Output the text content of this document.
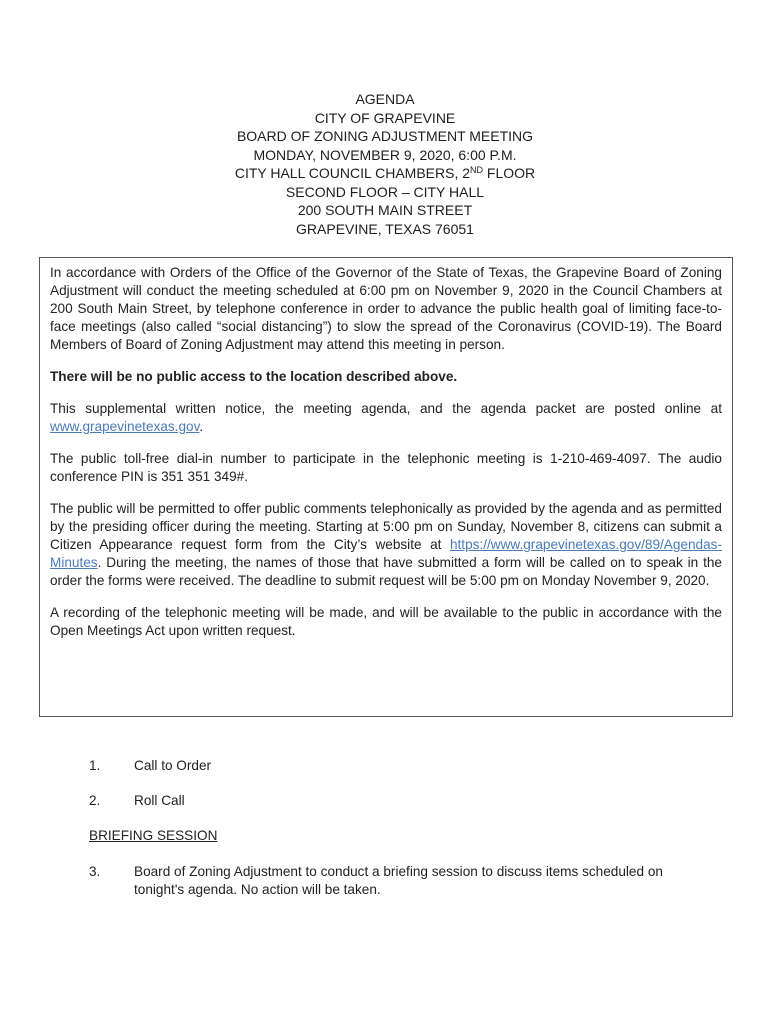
AGENDA
CITY OF GRAPEVINE
BOARD OF ZONING ADJUSTMENT MEETING
MONDAY, NOVEMBER 9, 2020, 6:00 P.M.
CITY HALL COUNCIL CHAMBERS, 2ND FLOOR
SECOND FLOOR – CITY HALL
200 SOUTH MAIN STREET
GRAPEVINE, TEXAS 76051

In accordance with Orders of the Office of the Governor of the State of Texas, the Grapevine Board of Zoning Adjustment will conduct the meeting scheduled at 6:00 pm on November 9, 2020 in the Council Chambers at 200 South Main Street, by telephone conference in order to advance the public health goal of limiting face-to-face meetings (also called “social distancing”) to slow the spread of the Coronavirus (COVID-19). The Board Members of Board of Zoning Adjustment may attend this meeting in person.

There will be no public access to the location described above.

This supplemental written notice, the meeting agenda, and the agenda packet are posted online at www.grapevinetexas.gov.

The public toll-free dial-in number to participate in the telephonic meeting is 1-210-469-4097. The audio conference PIN is 351 351 349#.

The public will be permitted to offer public comments telephonically as provided by the agenda and as permitted by the presiding officer during the meeting. Starting at 5:00 pm on Sunday, November 8, citizens can submit a Citizen Appearance request form from the City’s website at https://www.grapevinetexas.gov/89/Agendas-Minutes. During the meeting, the names of those that have submitted a form will be called on to speak in the order the forms were received. The deadline to submit request will be 5:00 pm on Monday November 9, 2020.

A recording of the telephonic meeting will be made, and will be available to the public in accordance with the Open Meetings Act upon written request.

1.	Call to Order
2.	Roll Call
BRIEFING SESSION
3.	Board of Zoning Adjustment to conduct a briefing session to discuss items scheduled on tonight's agenda. No action will be taken.
